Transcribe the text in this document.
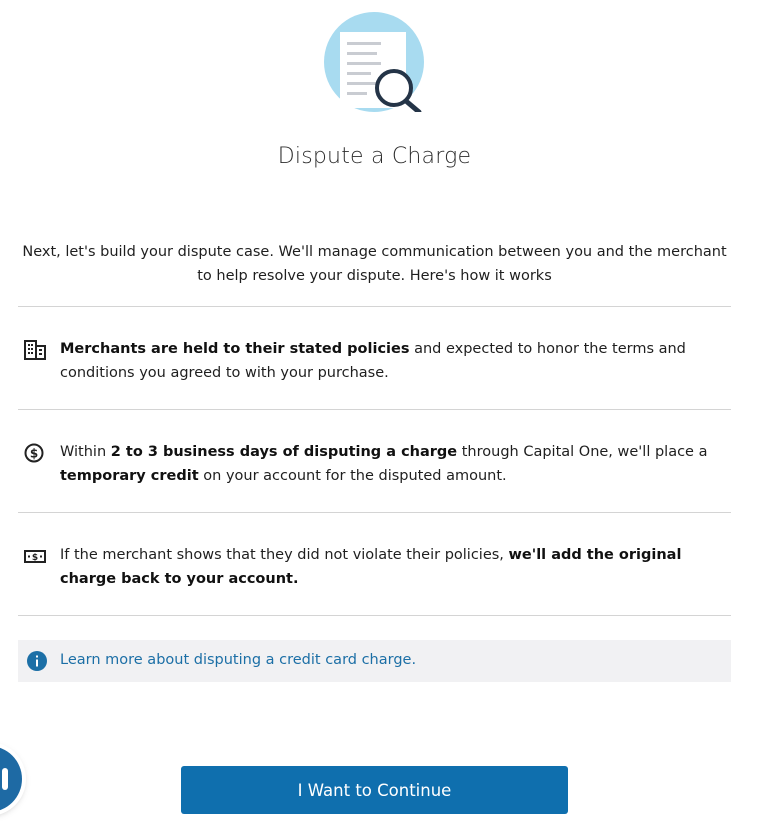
Dispute a Charge
Next, let's build your dispute case. We'll manage communication between you and the merchant to help resolve your dispute. Here's how it works
Merchants are held to their stated policies and expected to honor the terms and conditions you agreed to with your purchase.
$ Within 2 to 3 business days of disputing a charge through Capital One, we'll place a temporary credit on your account for the disputed amount.
$ If the merchant shows that they did not violate their policies, we'll add the original charge back to your account.
Learn more about disputing a credit card charge.
I Want to Continue
